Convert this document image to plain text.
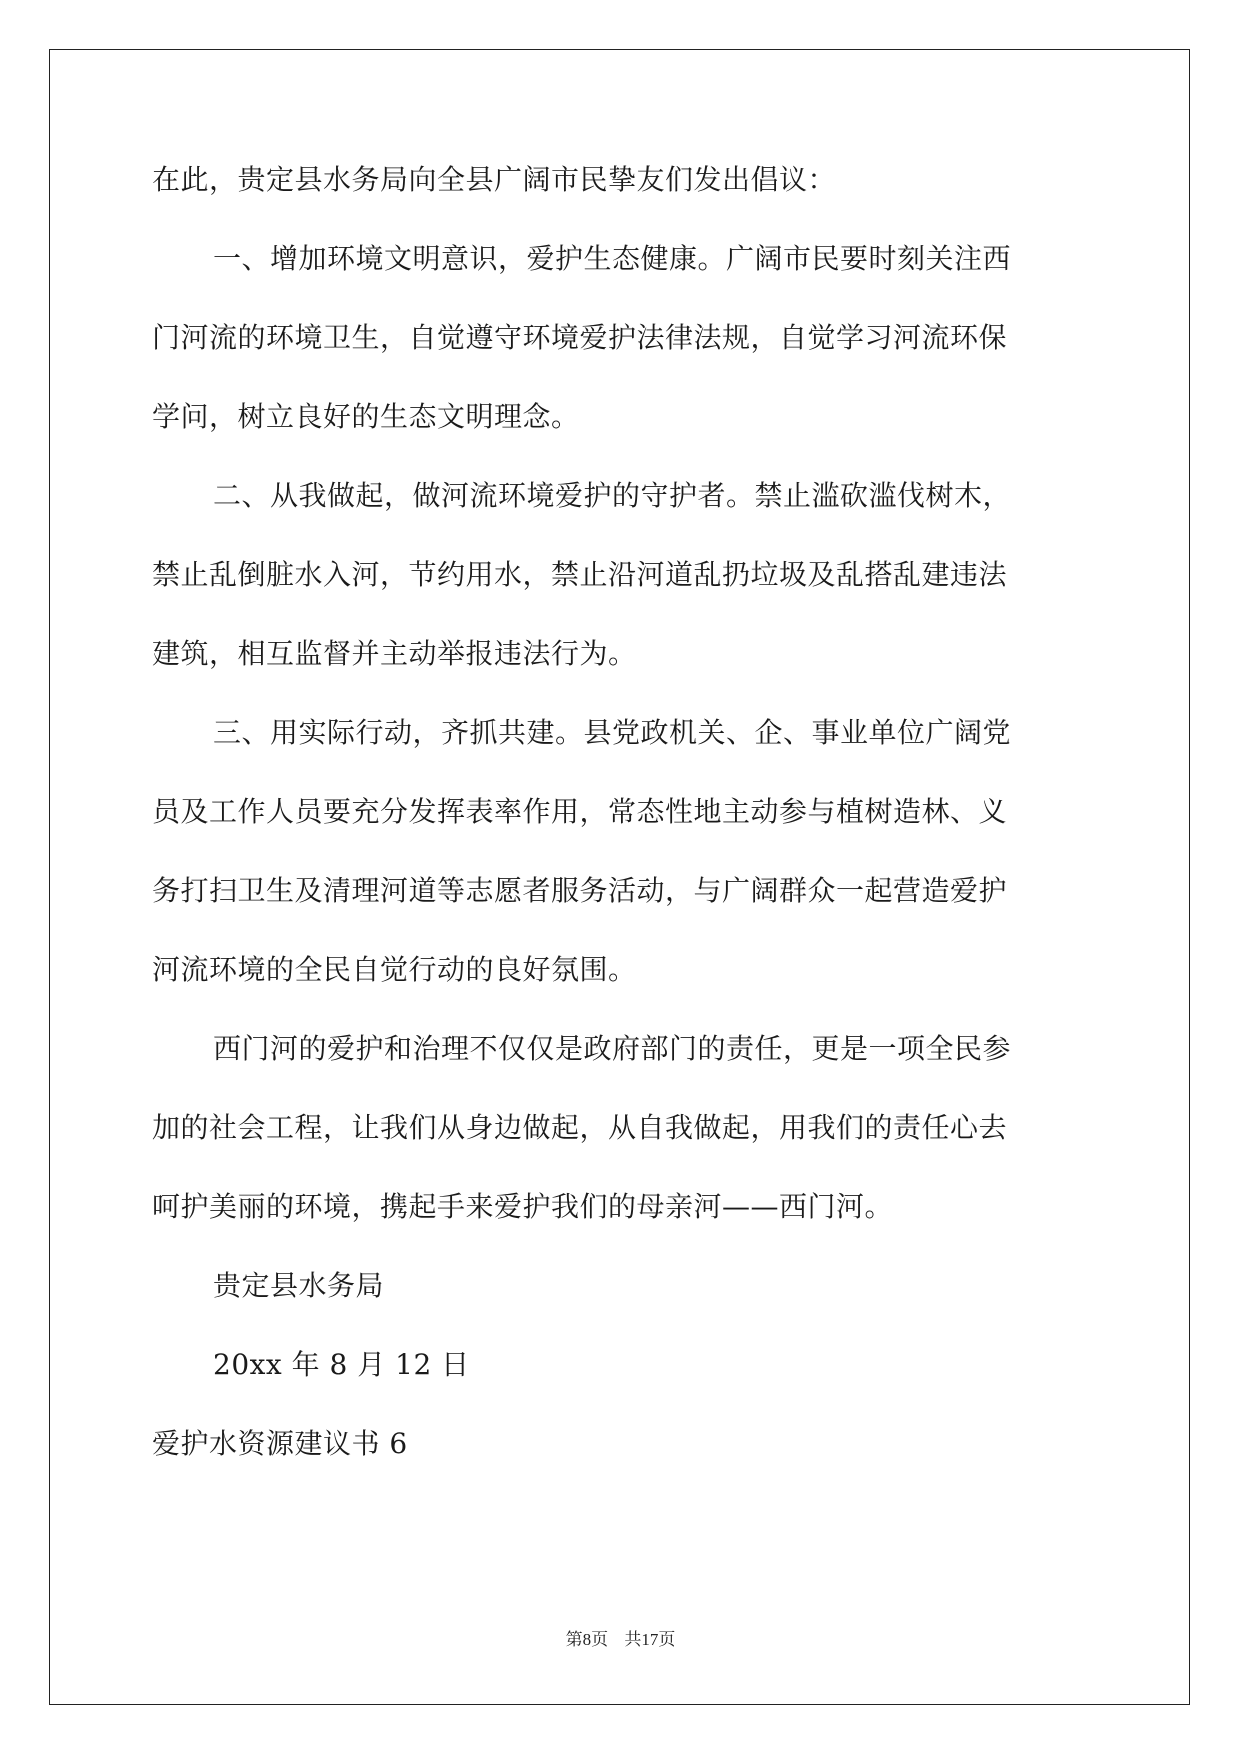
在此，贵定县水务局向全县广阔市民挚友们发出倡议：
一、增加环境文明意识，爱护生态健康。广阔市民要时刻关注西
门河流的环境卫生，自觉遵守环境爱护法律法规，自觉学习河流环保
学问，树立良好的生态文明理念。
二、从我做起，做河流环境爱护的守护者。禁止滥砍滥伐树木，
禁止乱倒脏水入河，节约用水，禁止沿河道乱扔垃圾及乱搭乱建违法
建筑，相互监督并主动举报违法行为。
三、用实际行动，齐抓共建。县党政机关、企、事业单位广阔党
员及工作人员要充分发挥表率作用，常态性地主动参与植树造林、义
务打扫卫生及清理河道等志愿者服务活动，与广阔群众一起营造爱护
河流环境的全民自觉行动的良好氛围。
西门河的爱护和治理不仅仅是政府部门的责任，更是一项全民参
加的社会工程，让我们从身边做起，从自我做起，用我们的责任心去
呵护美丽的环境，携起手来爱护我们的母亲河——西门河。
贵定县水务局
20xx 年 8 月 12 日
爱护水资源建议书 6
第8页 共17页
